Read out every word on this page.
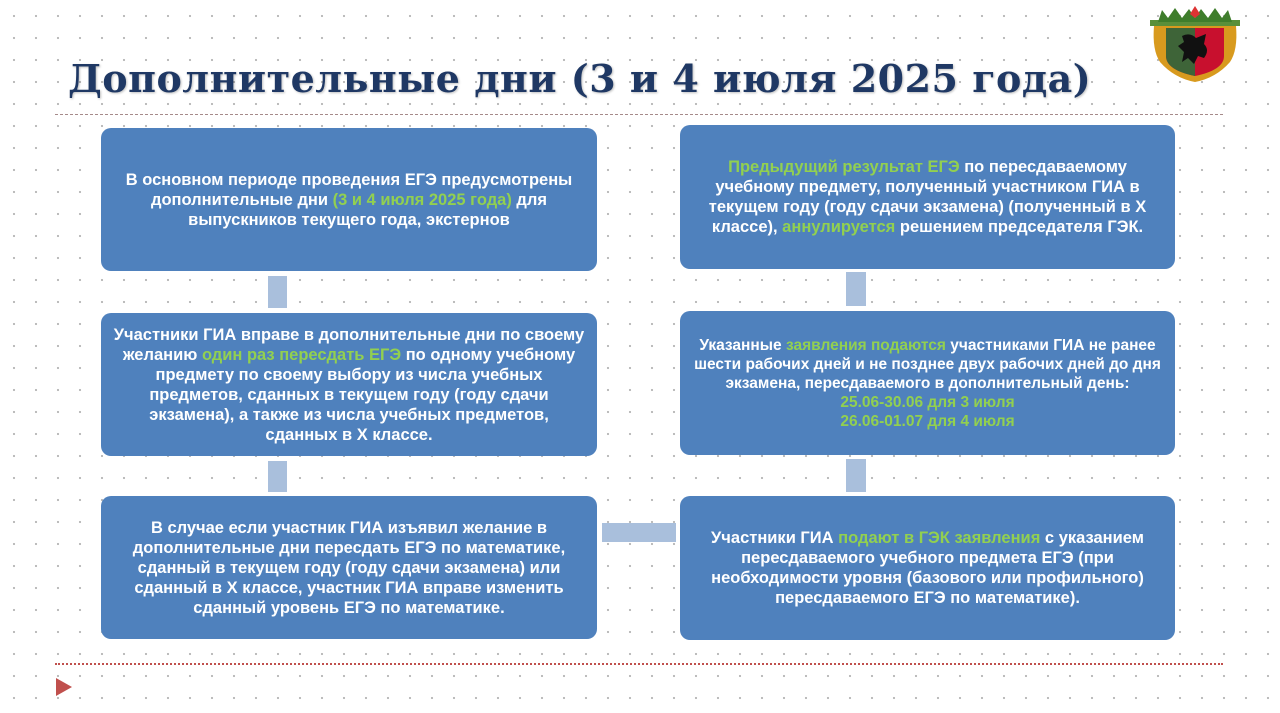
Дополнительные дни (3 и 4 июля 2025 года)
В основном периоде проведения ЕГЭ предусмотрены дополнительные дни (3 и 4 июля 2025 года) для выпускников текущего года, экстернов
Участники ГИА вправе в дополнительные дни по своему желанию один раз пересдать ЕГЭ по одному учебному предмету по своему выбору из числа учебных предметов, сданных в текущем году (году сдачи экзамена), а также из числа учебных предметов, сданных в X классе.
В случае если участник ГИА изъявил желание в дополнительные дни пересдать ЕГЭ по математике, сданный в текущем году (году сдачи экзамена) или сданный в X классе, участник ГИА вправе изменить сданный уровень ЕГЭ по математике.
Предыдущий результат ЕГЭ по пересдаваемому учебному предмету, полученный участником ГИА в текущем году (году сдачи экзамена) (полученный в X классе), аннулируется решением председателя ГЭК.
Указанные заявления подаются участниками ГИА не ранее шести рабочих дней и не позднее двух рабочих дней до дня экзамена, пересдаваемого в дополнительный день:
25.06-30.06 для 3 июля
26.06-01.07 для 4 июля
Участники ГИА подают в ГЭК заявления с указанием пересдаваемого учебного предмета ЕГЭ (при необходимости уровня (базового или профильного) пересдаваемого ЕГЭ по математике).
